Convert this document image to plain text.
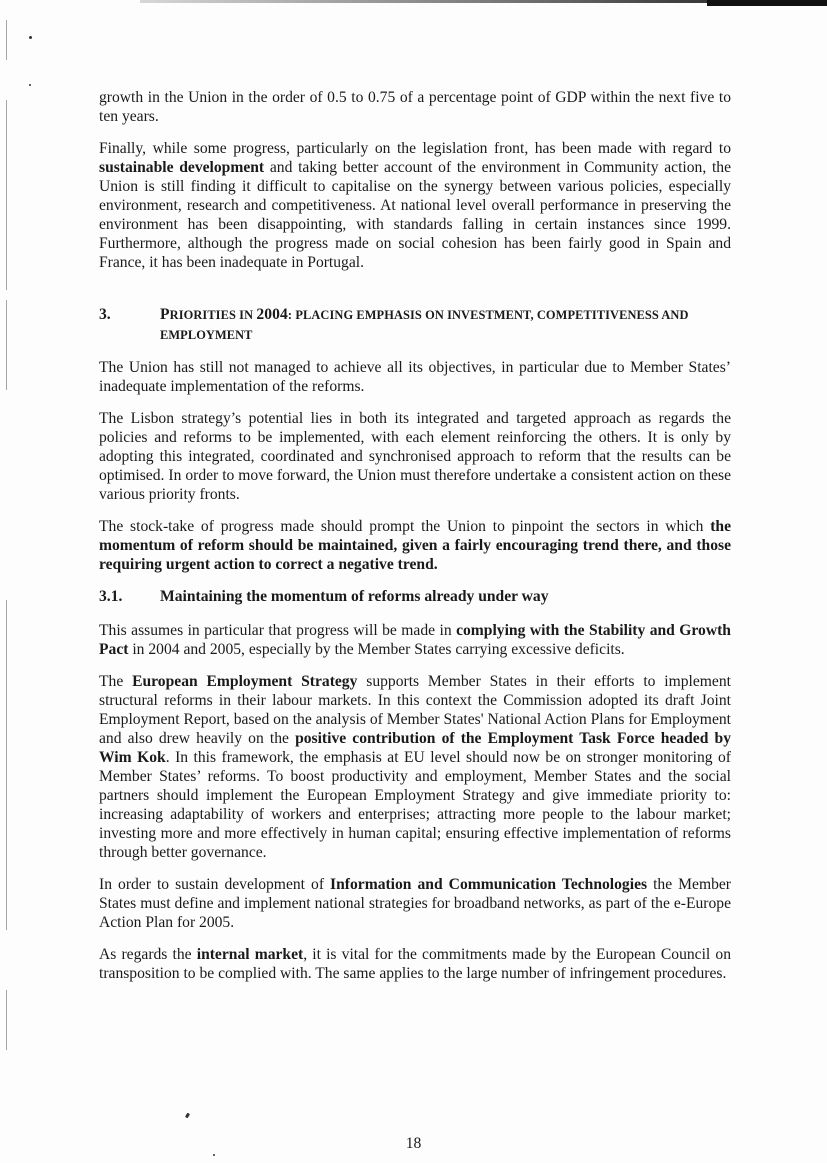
growth in the Union in the order of 0.5 to 0.75 of a percentage point of GDP within the next five to ten years.

Finally, while some progress, particularly on the legislation front, has been made with regard to sustainable development and taking better account of the environment in Community action, the Union is still finding it difficult to capitalise on the synergy between various policies, especially environment, research and competitiveness. At national level overall performance in preserving the environment has been disappointing, with standards falling in certain instances since 1999. Furthermore, although the progress made on social cohesion has been fairly good in Spain and France, it has been inadequate in Portugal.

3.	PRIORITIES IN 2004: PLACING EMPHASIS ON INVESTMENT, COMPETITIVENESS AND EMPLOYMENT

The Union has still not managed to achieve all its objectives, in particular due to Member States’ inadequate implementation of the reforms.

The Lisbon strategy’s potential lies in both its integrated and targeted approach as regards the policies and reforms to be implemented, with each element reinforcing the others. It is only by adopting this integrated, coordinated and synchronised approach to reform that the results can be optimised. In order to move forward, the Union must therefore undertake a consistent action on these various priority fronts.

The stock-take of progress made should prompt the Union to pinpoint the sectors in which the momentum of reform should be maintained, given a fairly encouraging trend there, and those requiring urgent action to correct a negative trend.

3.1.	Maintaining the momentum of reforms already under way

This assumes in particular that progress will be made in complying with the Stability and Growth Pact in 2004 and 2005, especially by the Member States carrying excessive deficits.

The European Employment Strategy supports Member States in their efforts to implement structural reforms in their labour markets. In this context the Commission adopted its draft Joint Employment Report, based on the analysis of Member States' National Action Plans for Employment and also drew heavily on the positive contribution of the Employment Task Force headed by Wim Kok. In this framework, the emphasis at EU level should now be on stronger monitoring of Member States’ reforms. To boost productivity and employment, Member States and the social partners should implement the European Employment Strategy and give immediate priority to: increasing adaptability of workers and enterprises; attracting more people to the labour market; investing more and more effectively in human capital; ensuring effective implementation of reforms through better governance.

In order to sustain development of Information and Communication Technologies the Member States must define and implement national strategies for broadband networks, as part of the e-Europe Action Plan for 2005.

As regards the internal market, it is vital for the commitments made by the European Council on transposition to be complied with. The same applies to the large number of infringement procedures.

18
